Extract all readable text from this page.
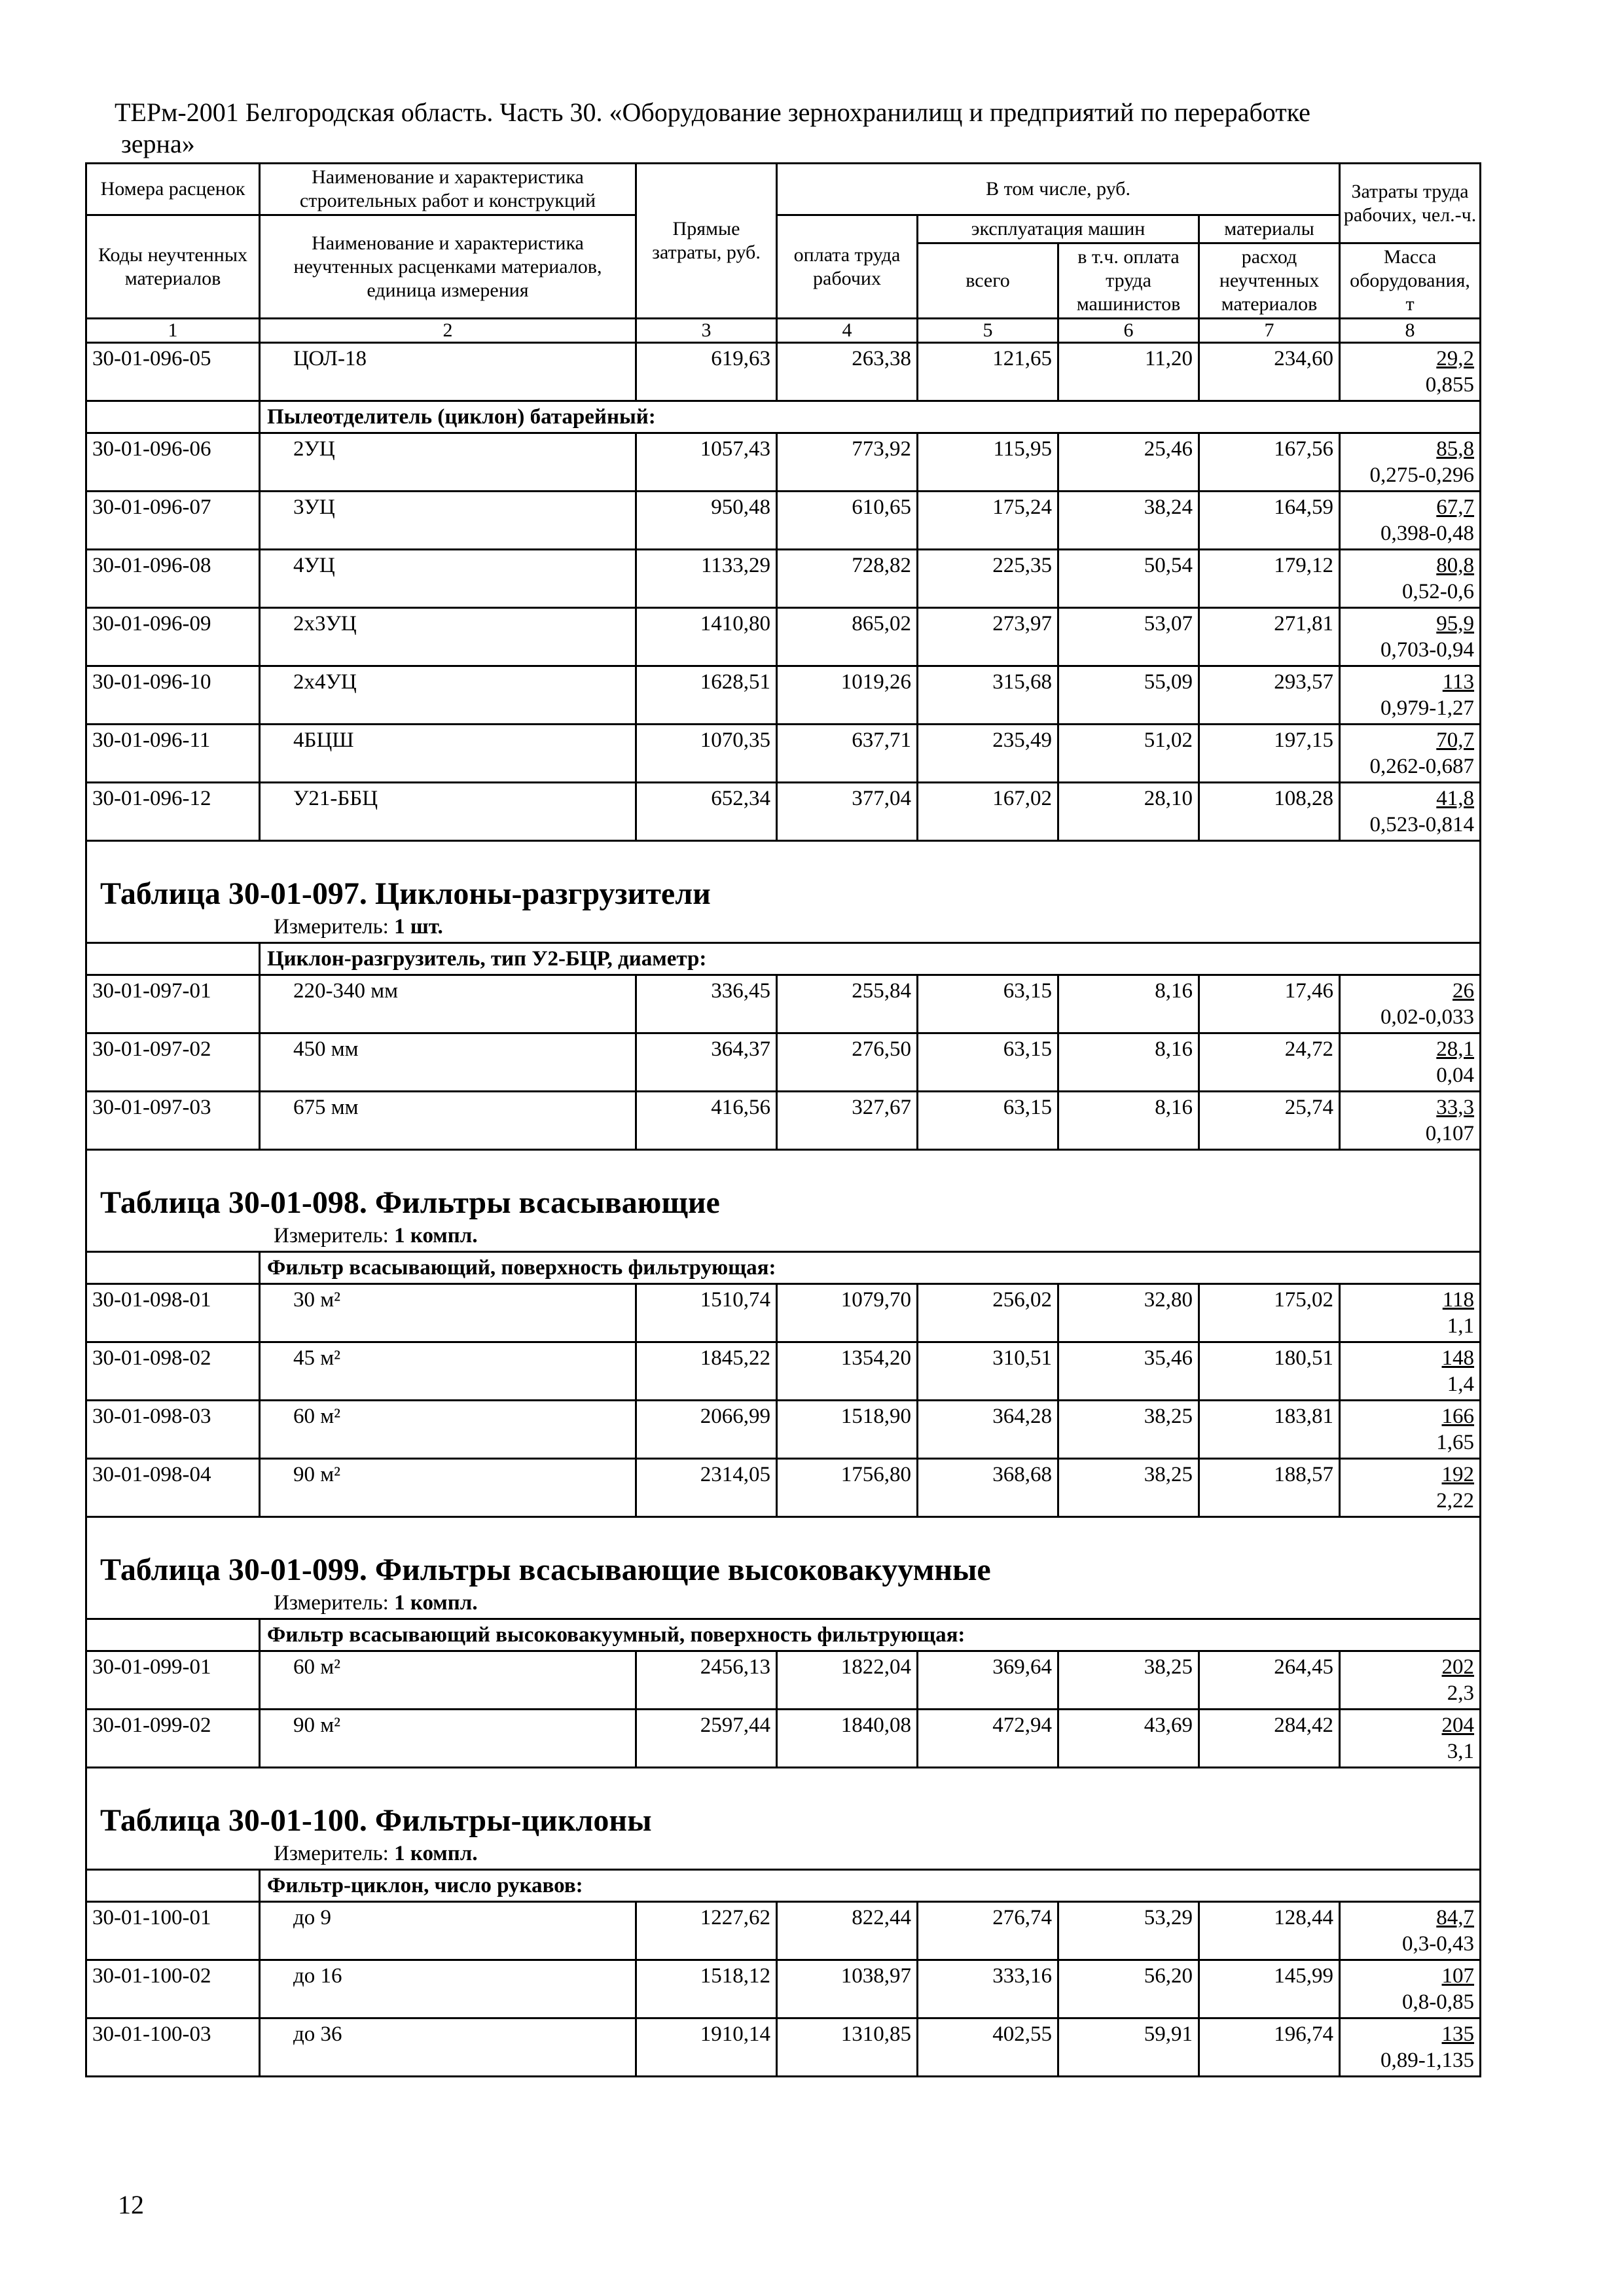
ТЕРм-2001 Белгородская область. Часть 30. «Оборудование зернохранилищ и предприятий по переработке
зерна»
Номера расценок	Наименование и характеристика строительных работ и конструкций	Прямые затраты, руб.	В том числе, руб.				Затраты труда рабочих, чел.-ч.
Коды неучтенных материалов	Наименование и характеристика неучтенных расценками материалов, единица измерения		оплата труда рабочих	эксплуатация машин		материалы	
				всего	в т.ч. оплата труда машинистов	расход неучтенных материалов	
							Масса оборудования, т
1	2	3	4	5	6	7	8
30-01-096-05	ЦОЛ-18	619,63	263,38	121,65	11,20	234,60	29,2
0,855

	Пылеотделитель (циклон) батарейный:						
30-01-096-06	2УЦ	1057,43	773,92	115,95	25,46	167,56	85,8
0,275-0,296

30-01-096-07	3УЦ	950,48	610,65	175,24	38,24	164,59	67,7
0,398-0,48

30-01-096-08	4УЦ	1133,29	728,82	225,35	50,54	179,12	80,8
0,52-0,6

30-01-096-09	2х3УЦ	1410,80	865,02	273,97	53,07	271,81	95,9
0,703-0,94

30-01-096-10	2х4УЦ	1628,51	1019,26	315,68	55,09	293,57	113
0,979-1,27

30-01-096-11	4БЦШ	1070,35	637,71	235,49	51,02	197,15	70,7
0,262-0,687

30-01-096-12	У21-ББЦ	652,34	377,04	167,02	28,10	108,28	41,8
0,523-0,814

Таблица 30-01-097. Циклоны-разгрузители							

Измеритель: 1 шт.							
	Циклон-разгрузитель, тип У2-БЦР, диаметр:						
30-01-097-01	220-340 мм	336,45	255,84	63,15	8,16	17,46	26
0,02-0,033

30-01-097-02	450 мм	364,37	276,50	63,15	8,16	24,72	28,1
0,04

30-01-097-03	675 мм	416,56	327,67	63,15	8,16	25,74	33,3
0,107

Таблица 30-01-098. Фильтры всасывающие							

Измеритель: 1 компл.							
	Фильтр всасывающий, поверхность фильтрующая:						
30-01-098-01	30 м²	1510,74	1079,70	256,02	32,80	175,02	118
1,1

30-01-098-02	45 м²	1845,22	1354,20	310,51	35,46	180,51	148
1,4

30-01-098-03	60 м²	2066,99	1518,90	364,28	38,25	183,81	166
1,65

30-01-098-04	90 м²	2314,05	1756,80	368,68	38,25	188,57	192
2,22

Таблица 30-01-099. Фильтры всасывающие высоковакуумные							

Измеритель: 1 компл.							
	Фильтр всасывающий высоковакуумный, поверхность фильтрующая:						
30-01-099-01	60 м²	2456,13	1822,04	369,64	38,25	264,45	202
2,3

30-01-099-02	90 м²	2597,44	1840,08	472,94	43,69	284,42	204
3,1

Таблица 30-01-100. Фильтры-циклоны							

Измеритель: 1 компл.							
	Фильтр-циклон, число рукавов:						
30-01-100-01	до 9	1227,62	822,44	276,74	53,29	128,44	84,7
0,3-0,43

30-01-100-02	до 16	1518,12	1038,97	333,16	56,20	145,99	107
0,8-0,85

30-01-100-03	до 36	1910,14	1310,85	402,55	59,91	196,74	135
0,89-1,135
12
